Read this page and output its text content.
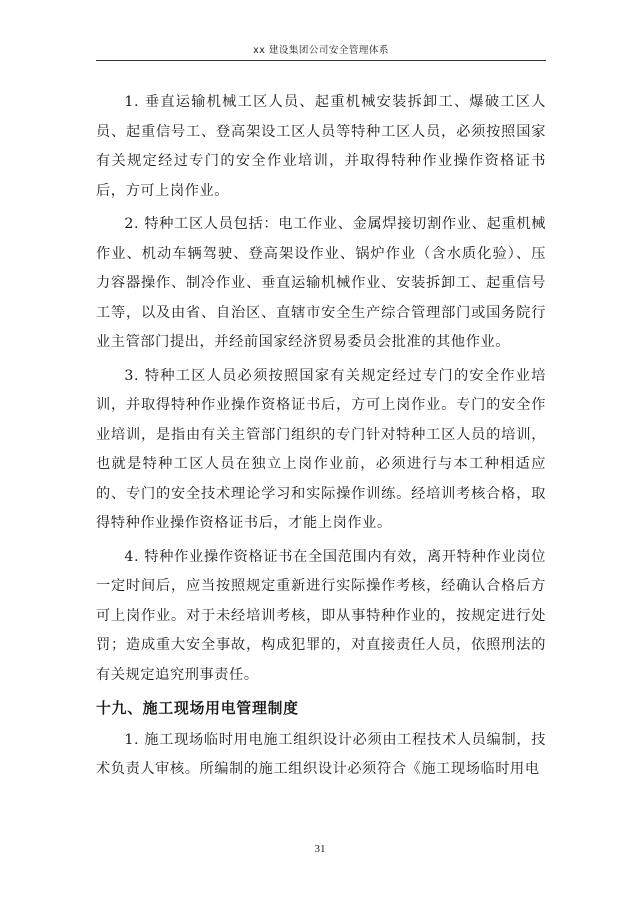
xx 建设集团公司安全管理体系

1. 垂直运输机械工区人员、起重机械安装拆卸工、爆破工区人员、起重信号工、登高架设工区人员等特种工区人员，必须按照国家有关规定经过专门的安全作业培训，并取得特种作业操作资格证书后，方可上岗作业。

2. 特种工区人员包括：电工作业、金属焊接切割作业、起重机械作业、机动车辆驾驶、登高架设作业、锅炉作业（含水质化验）、压力容器操作、制冷作业、垂直运输机械作业、安装拆卸工、起重信号工等，以及由省、自治区、直辖市安全生产综合管理部门或国务院行业主管部门提出，并经前国家经济贸易委员会批准的其他作业。

3. 特种工区人员必须按照国家有关规定经过专门的安全作业培训，并取得特种作业操作资格证书后，方可上岗作业。专门的安全作业培训，是指由有关主管部门组织的专门针对特种工区人员的培训，也就是特种工区人员在独立上岗作业前，必须进行与本工种相适应的、专门的安全技术理论学习和实际操作训练。经培训考核合格，取得特种作业操作资格证书后，才能上岗作业。

4. 特种作业操作资格证书在全国范围内有效，离开特种作业岗位一定时间后，应当按照规定重新进行实际操作考核，经确认合格后方可上岗作业。对于未经培训考核，即从事特种作业的，按规定进行处罚；造成重大安全事故，构成犯罪的，对直接责任人员，依照刑法的有关规定追究刑事责任。

十九、施工现场用电管理制度

1. 施工现场临时用电施工组织设计必须由工程技术人员编制，技术负责人审核。所编制的施工组织设计必须符合《施工现场临时用电

31
